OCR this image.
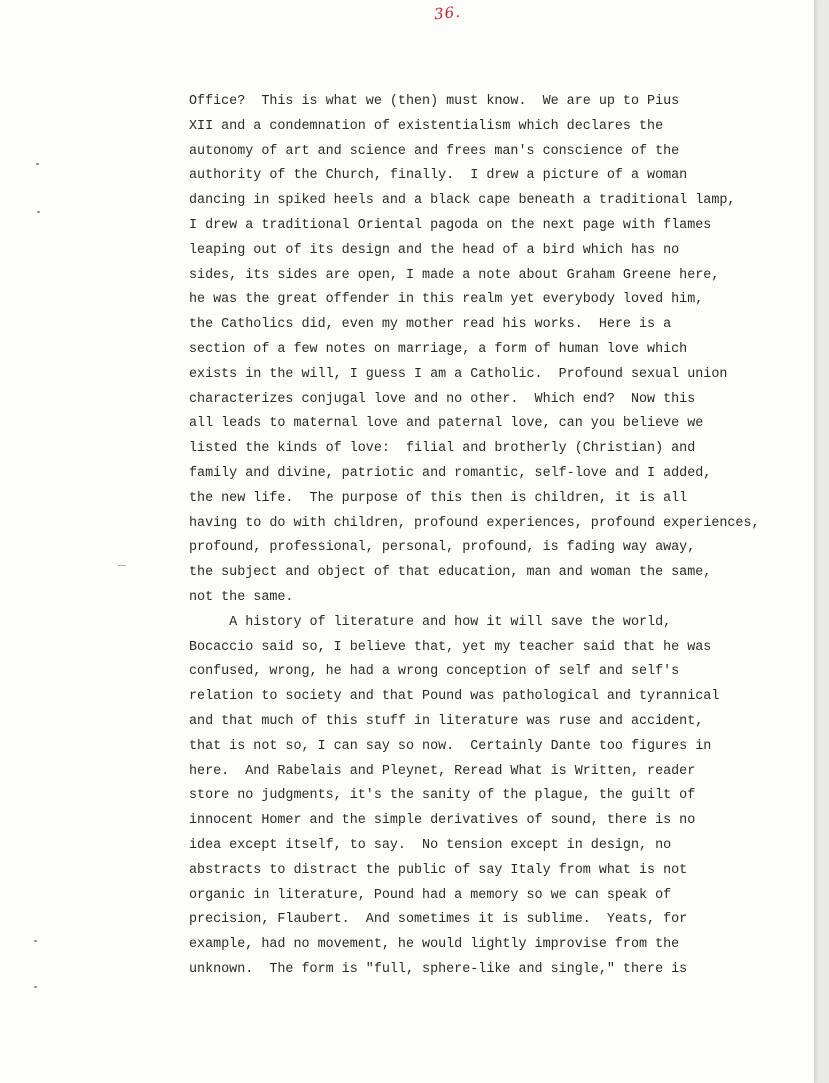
36.
Office?  This is what we (then) must know.  We are up to Pius
XII and a condemnation of existentialism which declares the
autonomy of art and science and frees man's conscience of the
authority of the Church, finally.  I drew a picture of a woman
dancing in spiked heels and a black cape beneath a traditional lamp,
I drew a traditional Oriental pagoda on the next page with flames
leaping out of its design and the head of a bird which has no
sides, its sides are open, I made a note about Graham Greene here,
he was the great offender in this realm yet everybody loved him,
the Catholics did, even my mother read his works.  Here is a
section of a few notes on marriage, a form of human love which
exists in the will, I guess I am a Catholic.  Profound sexual union
characterizes conjugal love and no other.  Which end?  Now this
all leads to maternal love and paternal love, can you believe we
listed the kinds of love:  filial and brotherly (Christian) and
family and divine, patriotic and romantic, self-love and I added,
the new life.  The purpose of this then is children, it is all
having to do with children, profound experiences, profound experiences,
profound, professional, personal, profound, is fading way away,
the subject and object of that education, man and woman the same,
not the same.
A history of literature and how it will save the world,
Bocaccio said so, I believe that, yet my teacher said that he was
confused, wrong, he had a wrong conception of self and self's
relation to society and that Pound was pathological and tyrannical
and that much of this stuff in literature was ruse and accident,
that is not so, I can say so now.  Certainly Dante too figures in
here.  And Rabelais and Pleynet, Reread What is Written, reader
store no judgments, it's the sanity of the plague, the guilt of
innocent Homer and the simple derivatives of sound, there is no
idea except itself, to say.  No tension except in design, no
abstracts to distract the public of say Italy from what is not
organic in literature, Pound had a memory so we can speak of
precision, Flaubert.  And sometimes it is sublime.  Yeats, for
example, had no movement, he would lightly improvise from the
unknown.  The form is "full, sphere-like and single," there is
